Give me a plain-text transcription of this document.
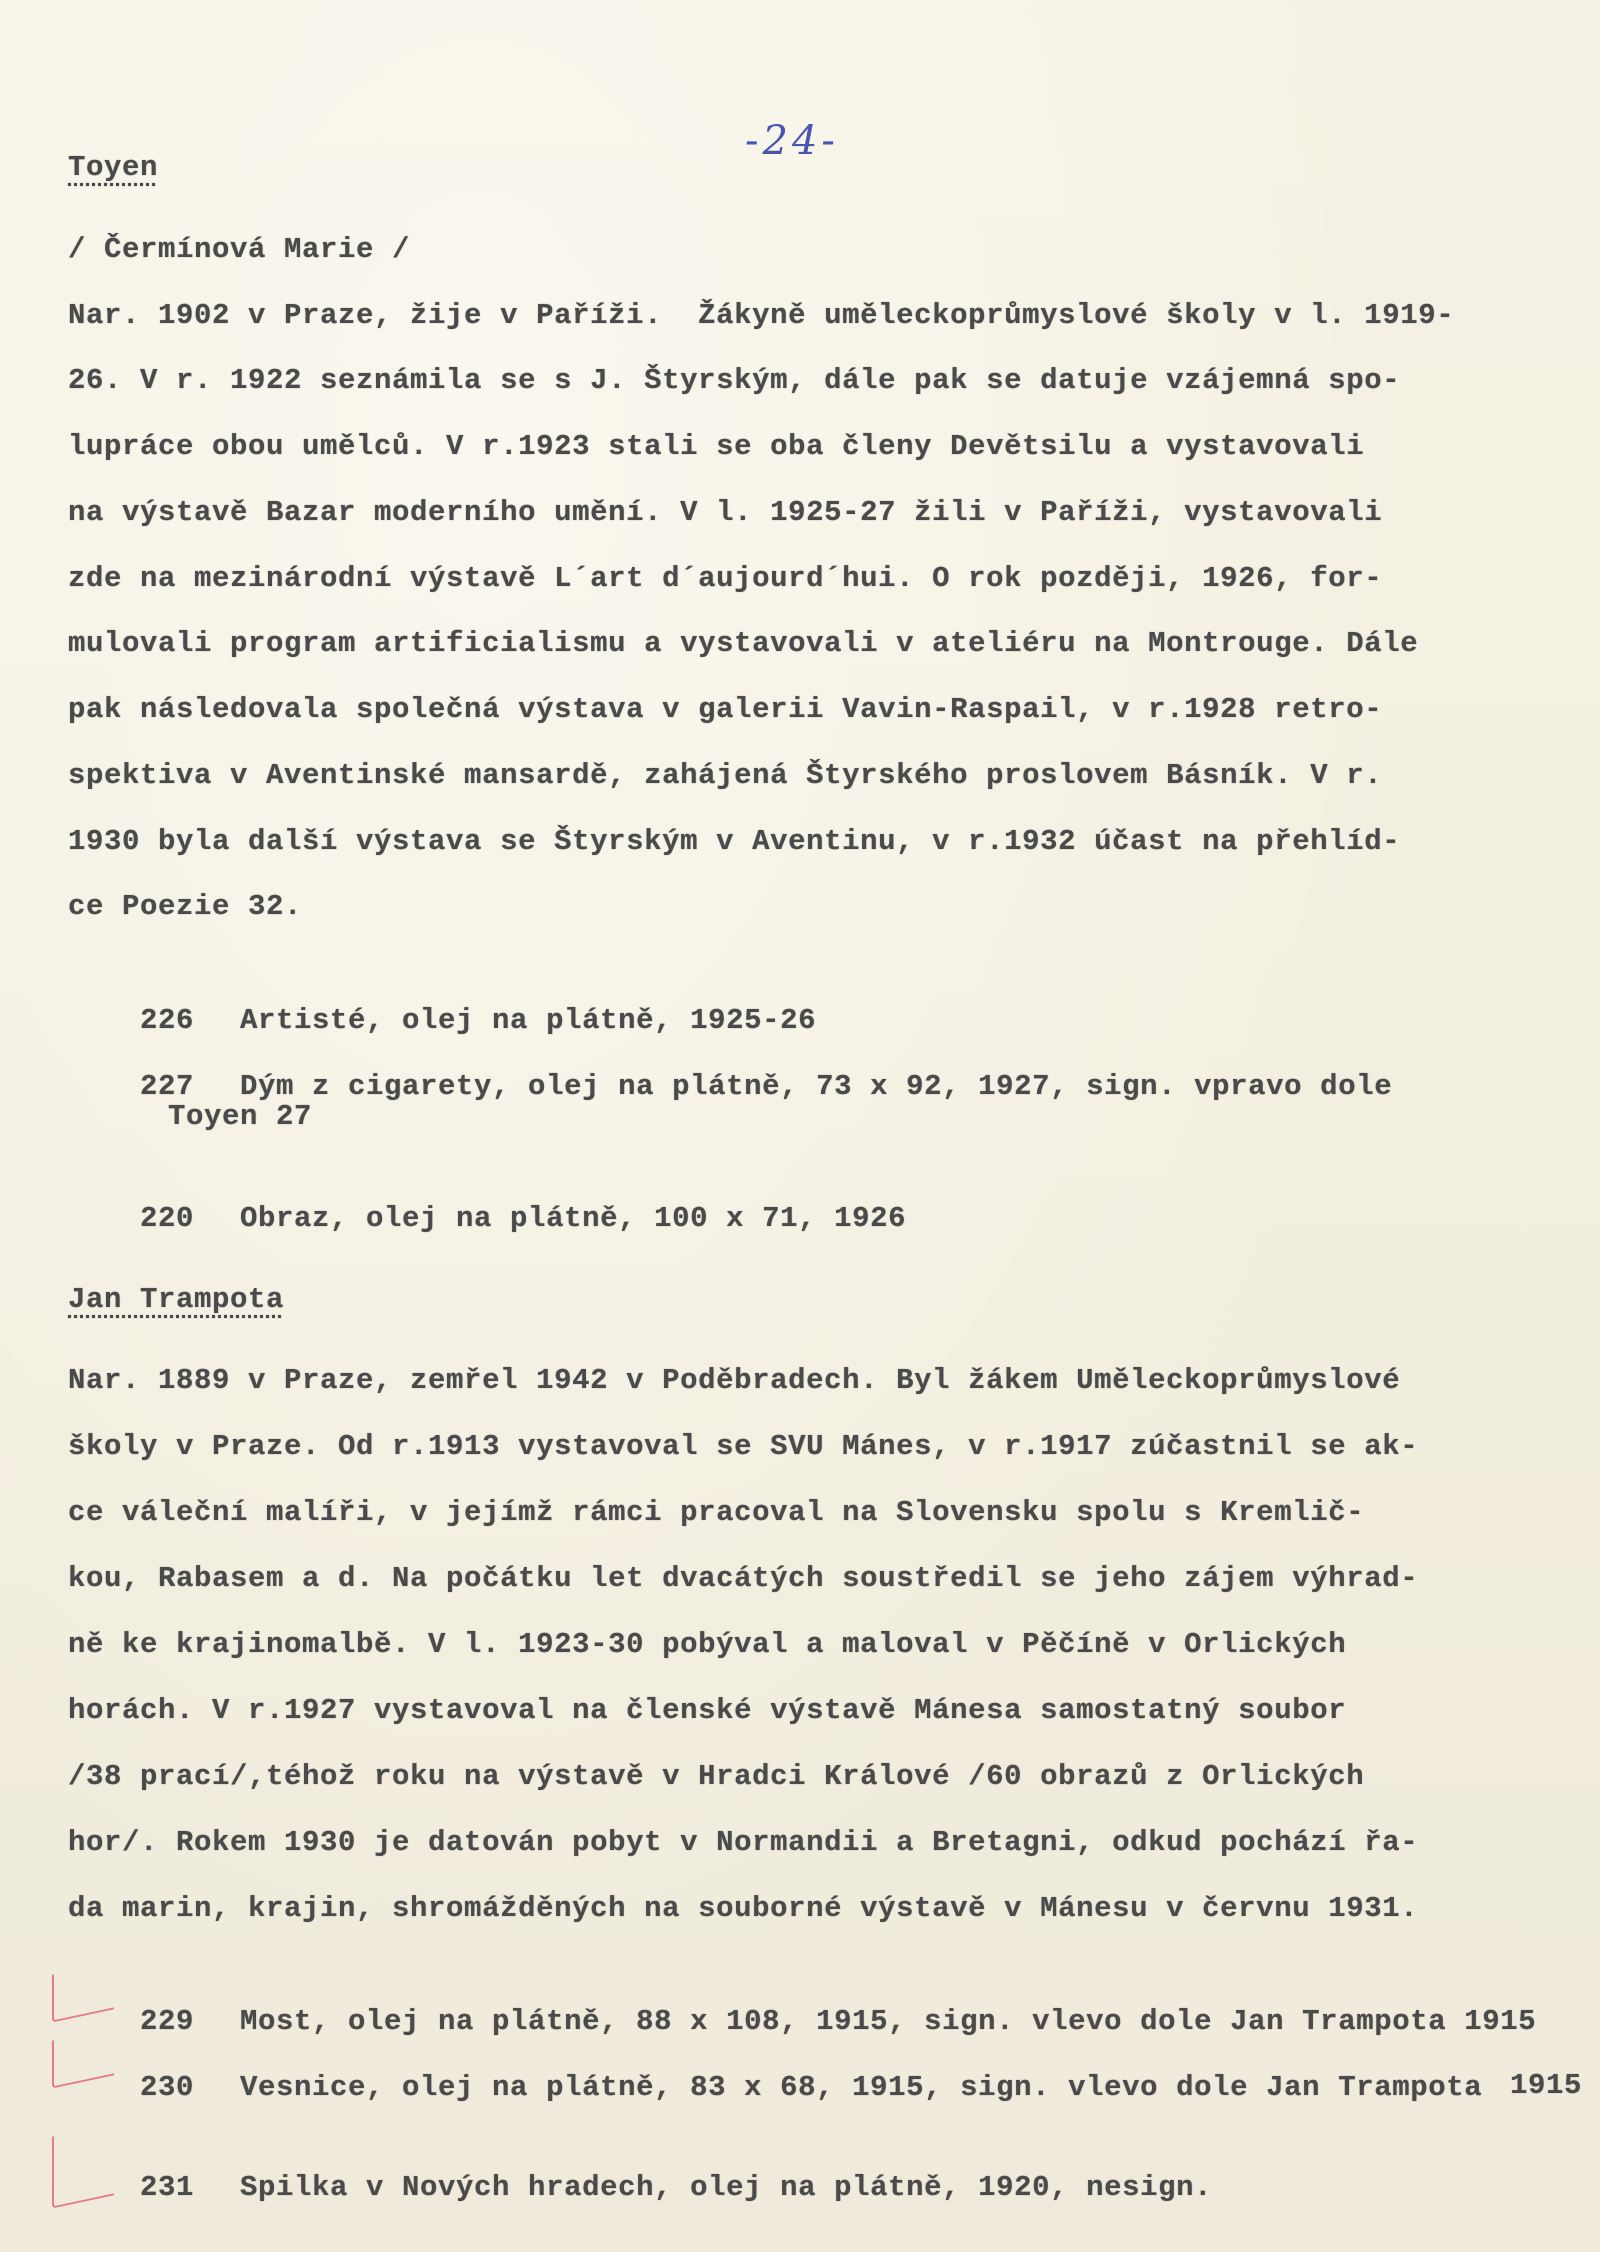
-24-
Toyen
/ Čermínová Marie /
Nar. 1902 v Praze, žije v Paříži.  Žákyně uměleckoprůmyslové školy v l. 1919-
26. V r. 1922 seznámila se s J. Štyrským, dále pak se datuje vzájemná spo-
lupráce obou umělců. V r.1923 stali se oba členy Devětsilu a vystavovali
na výstavě Bazar moderního umění. V l. 1925-27 žili v Paříži, vystavovali
zde na mezinárodní výstavě L´art d´aujourd´hui. O rok později, 1926, for-
mulovali program artificialismu a vystavovali v ateliéru na Montrouge. Dále
pak následovala společná výstava v galerii Vavin-Raspail, v r.1928 retro-
spektiva v Aventinské mansardě, zahájená Štyrského proslovem Básník. V r.
1930 byla další výstava se Štyrským v Aventinu, v r.1932 účast na přehlíd-
ce Poezie 32.

226 Artisté, olej na plátně, 1925-26

227 Dým z cigarety, olej na plátně, 73 x 92, 1927, sign. vpravo dole

Toyen 27

220 Obraz, olej na plátně, 100 x 71, 1926

Jan Trampota
Nar. 1889 v Praze, zemřel 1942 v Poděbradech. Byl žákem Uměleckoprůmyslové
školy v Praze. Od r.1913 vystavoval se SVU Mánes, v r.1917 zúčastnil se ak-
ce váleční malíři, v jejímž rámci pracoval na Slovensku spolu s Kremlič-
kou, Rabasem a d. Na počátku let dvacátých soustředil se jeho zájem výhrad-
ně ke krajinomalbě. V l. 1923-30 pobýval a maloval v Pěčíně v Orlických
horách. V r.1927 vystavoval na členské výstavě Mánesa samostatný soubor
/38 prací/,téhož roku na výstavě v Hradci Králové /60 obrazů z Orlických
hor/. Rokem 1930 je datován pobyt v Normandii a Bretagni, odkud pochází řa-
da marin, krajin, shromážděných na souborné výstavě v Mánesu v červnu 1931.

229 Most, olej na plátně, 88 x 108, 1915, sign. vlevo dole Jan Trampota 1915

230 Vesnice, olej na plátně, 83 x 68, 1915, sign. vlevo dole Jan Trampota
1915

231 Spilka v Nových hradech, olej na plátně, 1920, nesign.
